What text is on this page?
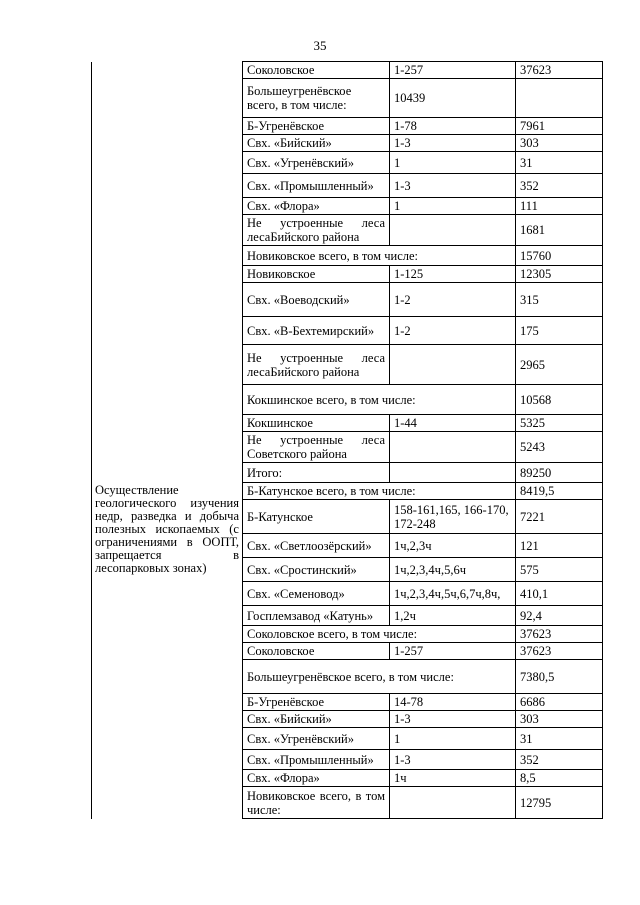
35
	Соколовское	1-257	37623
	Большеугренёвское всего, в том числе:	10439	
	Б-Угренёвское	1-78	7961
	Свх. «Бийский»	1-3	303
	Свх. «Угренёвский»	1	31
	Свх. «Промышленный»	1-3	352
	Свх. «Флора»	1	111
	Не устроенные леса лесаБийского района		1681
	Новиковское всего, в том числе:		15760
	Новиковское	1-125	12305
	Свх. «Воеводский»	1-2	315
	Свх. «В-Бехтемирский»	1-2	175
	Не устроенные леса лесаБийского района		2965
	Кокшинское всего, в том числе:		10568
	Кокшинское	1-44	5325
	Не устроенные леса Советского района		5243
	Итого:		89250
Осуществление геологического изучения недр, разведка и добыча полезных ископаемых (с ограничениями в ООПТ, запрещается в лесопарковых зонах)	Б-Катунское всего, в том числе:		8419,5
	Б-Катунское	158-161,165, 166-170, 172-248	7221
	Свх. «Светлоозёрский»	1ч,2,3ч	121
	Свх. «Сростинский»	1ч,2,3,4ч,5,6ч	575
	Свх. «Семеновод»	1ч,2,3,4ч,5ч,6,7ч,8ч,	410,1
	Госплемзавод «Катунь»	1,2ч	92,4
	Соколовское всего, в том числе:		37623
	Соколовское	1-257	37623
	Большеугренёвское всего, в том числе:		7380,5
	Б-Угренёвское	14-78	6686
	Свх. «Бийский»	1-3	303
	Свх. «Угренёвский»	1	31
	Свх. «Промышленный»	1-3	352
	Свх. «Флора»	1ч	8,5
	Новиковское всего, в том числе:		12795
